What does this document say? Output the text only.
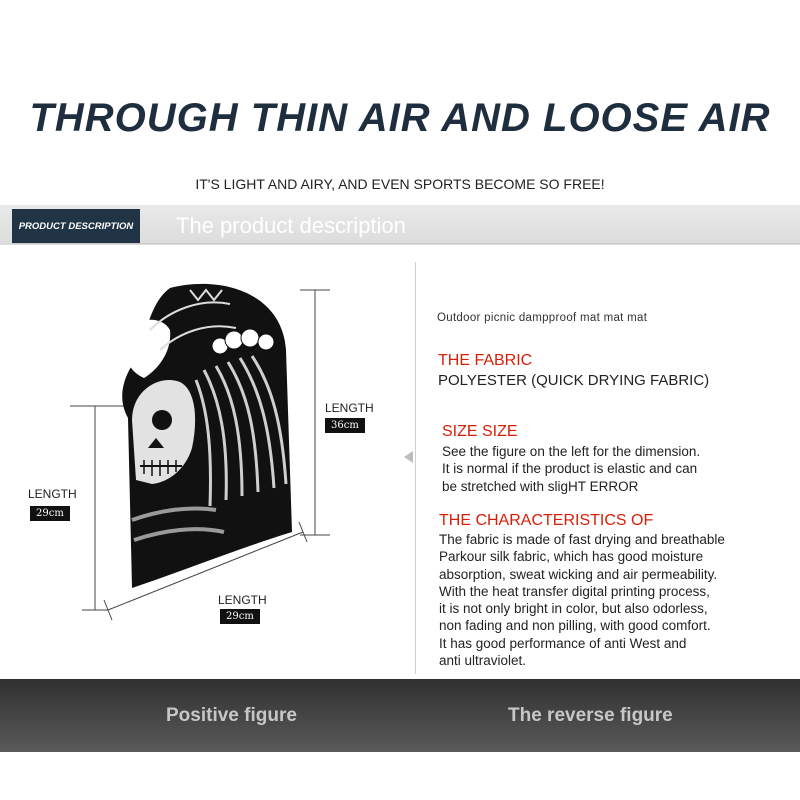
THROUGH THIN AIR AND LOOSE AIR
IT'S LIGHT AND AIRY, AND EVEN SPORTS BECOME SO FREE!
PRODUCT DESCRIPTION	The product description
LENGTH
36cm
LENGTH
29cm
LENGTH
29cm
Outdoor picnic dampproof mat mat mat
THE FABRIC
POLYESTER (QUICK DRYING FABRIC)
SIZE SIZE
See the figure on the left for the dimension.
It is normal if the product is elastic and can
be stretched with sligHT ERROR
THE CHARACTERISTICS OF
The fabric is made of fast drying and breathable
Parkour silk fabric, which has good moisture
absorption, sweat wicking and air permeability.
With the heat transfer digital printing process,
it is not only bright in color, but also odorless,
non fading and non pilling, with good comfort.
It has good performance of anti West and
anti ultraviolet.
Positive figure	The reverse figure
